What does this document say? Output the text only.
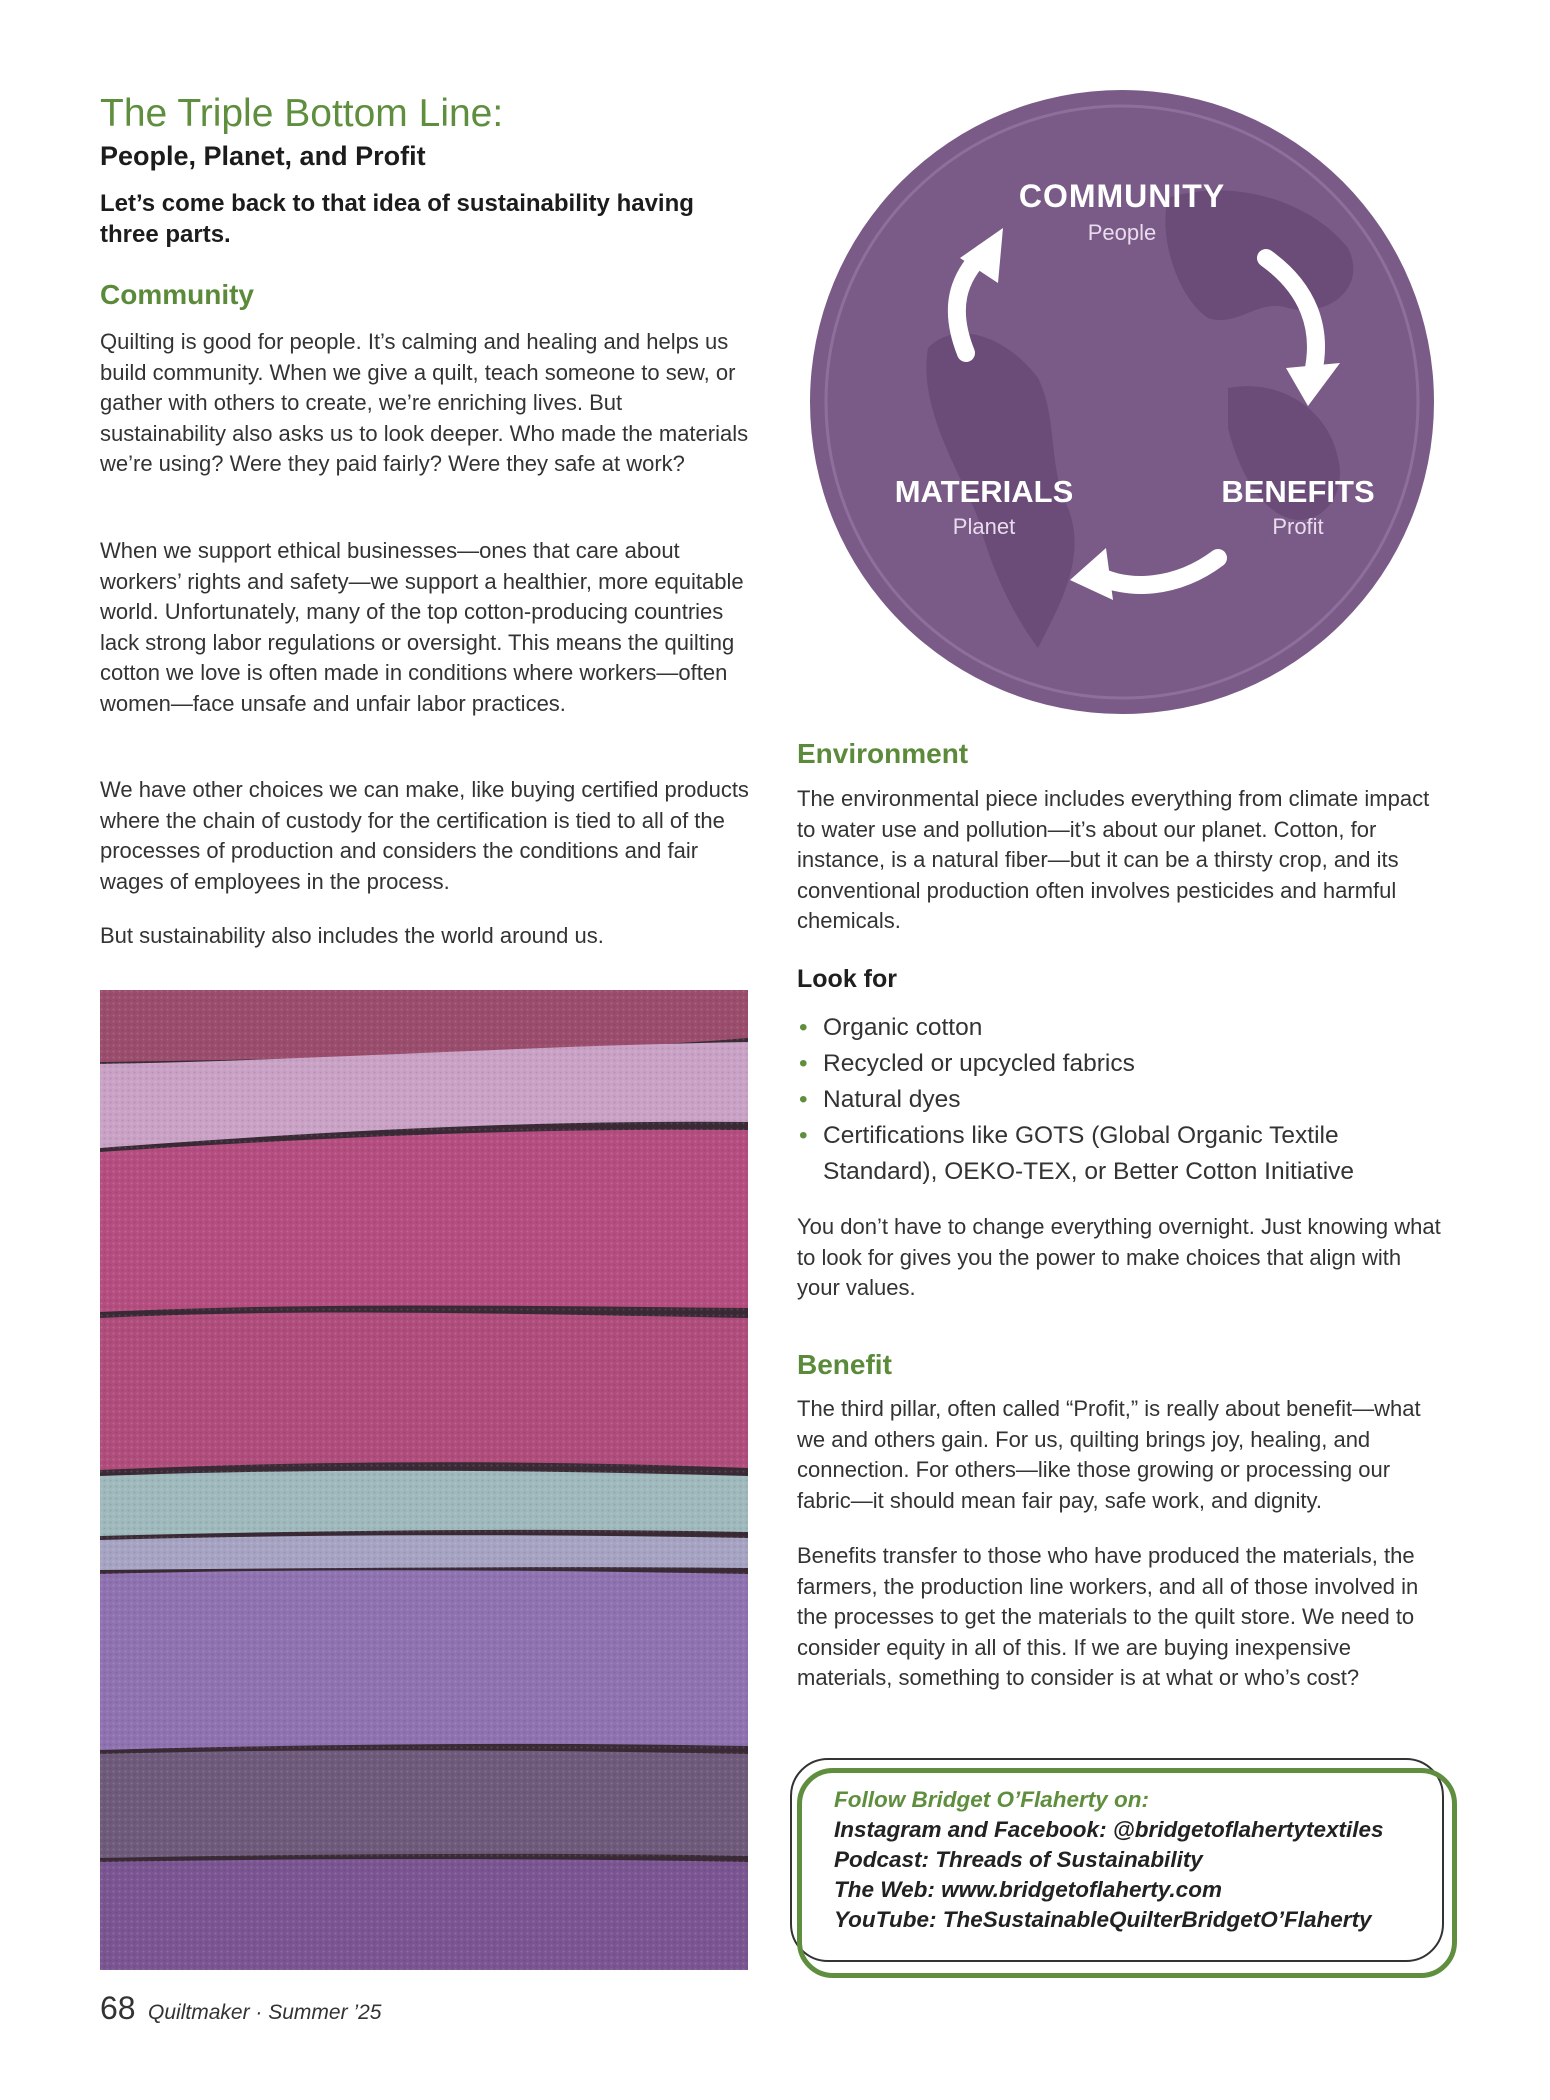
The Triple Bottom Line:
People, Planet, and Profit
Let’s come back to that idea of sustainability having three parts.
Community

Quilting is good for people. It’s calming and healing and helps us build community. When we give a quilt, teach someone to sew, or gather with others to create, we’re enriching lives. But sustainability also asks us to look deeper. Who made the materials we’re using? Were they paid fairly? Were they safe at work?

When we support ethical businesses—ones that care about workers’ rights and safety—we support a healthier, more equitable world. Unfortunately, many of the top cotton-producing countries lack strong labor regulations or oversight. This means the quilting cotton we love is often made in conditions where workers—often women—face unsafe and unfair labor practices.

We have other choices we can make, like buying certified products where the chain of custody for the certification is tied to all of the processes of production and considers the conditions and fair wages of employees in the process.

But sustainability also includes the world around us.

COMMUNITY
People
MATERIALS
Planet
BENEFITS
Profit
Environment

The environmental piece includes everything from climate impact to water use and pollution—it’s about our planet. Cotton, for instance, is a natural fiber—but it can be a thirsty crop, and its conventional production often involves pesticides and harmful chemicals.

Look for
• Organic cotton
• Recycled or upcycled fabrics
• Natural dyes
• Certifications like GOTS (Global Organic Textile Standard), OEKO-TEX, or Better Cotton Initiative

You don’t have to change everything overnight. Just knowing what to look for gives you the power to make choices that align with your values.

Benefit

The third pillar, often called “Profit,” is really about benefit—what we and others gain. For us, quilting brings joy, healing, and connection. For others—like those growing or processing our fabric—it should mean fair pay, safe work, and dignity.

Benefits transfer to those who have produced the materials, the farmers, the production line workers, and all of those involved in the processes to get the materials to the quilt store. We need to consider equity in all of this. If we are buying inexpensive materials, something to consider is at what or who’s cost?

Follow Bridget O’Flaherty on:
Instagram and Facebook: @bridgetoflahertytextiles
Podcast: Threads of Sustainability
The Web: www.bridgetoflaherty.com
YouTube: TheSustainableQuilterBridgetO’Flaherty
68 Quiltmaker · Summer ’25
